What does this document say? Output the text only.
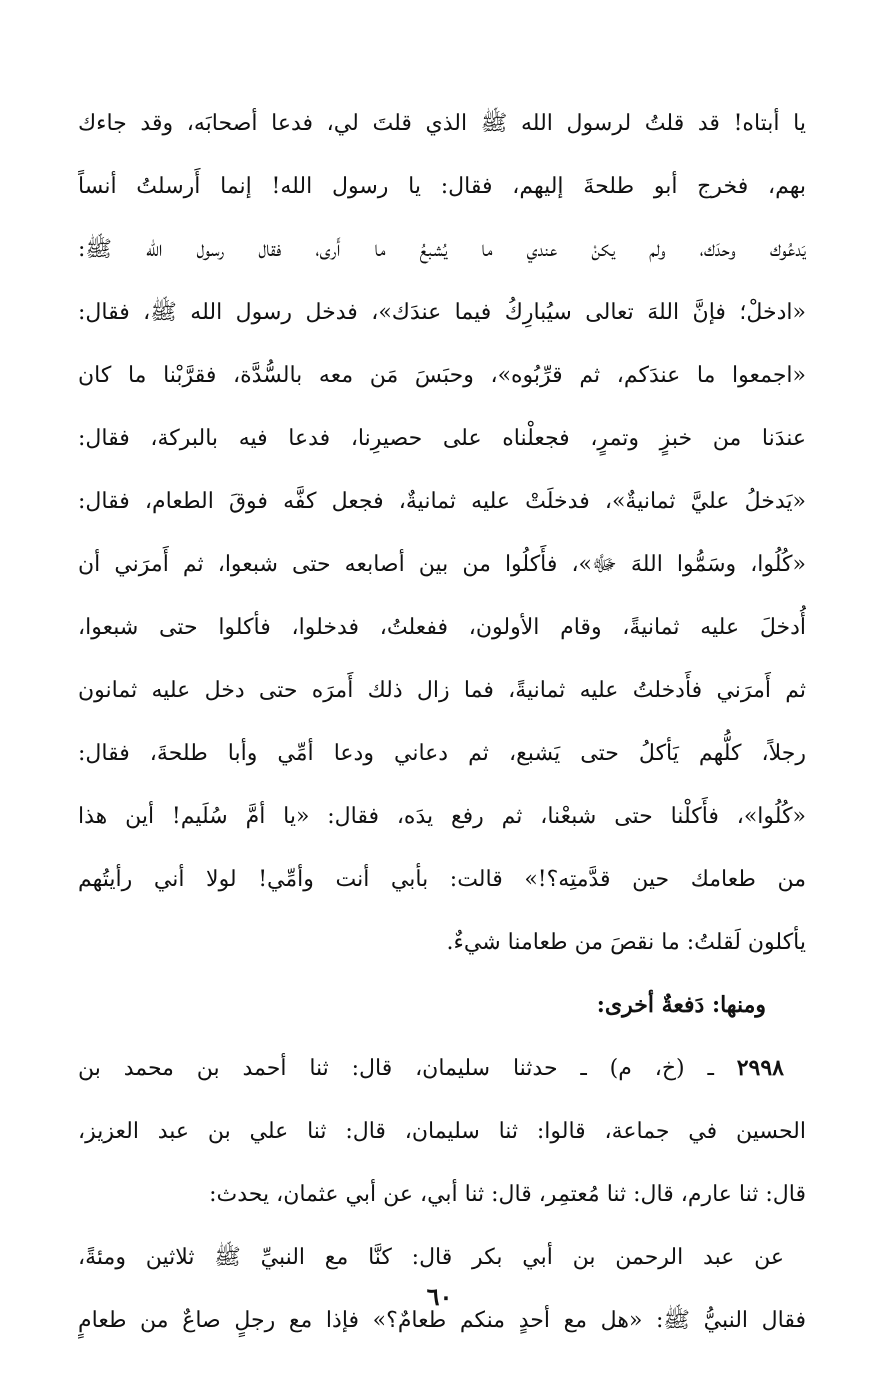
يا أبتاه! قد قلتُ لرسول الله ﷺ الذي قلتَ لي، فدعا أصحابَه، وقد جاءك
بهم، فخرج أبو طلحةَ إليهم، فقال: يا رسول الله! إنما أَرسلتُ أنساً
يَدعُوك وحدَك، ولم يكنْ عندي ما يُشبعُ ما أَرى، فقال رسول الله ﷺ:
«ادخلْ؛ فإنَّ اللهَ تعالى سيُبارِكُ فيما عندَك»، فدخل رسول الله ﷺ، فقال:
«اجمعوا ما عندَكم، ثم قرِّبُوه»، وحبَسَ مَن معه بالسُّدَّة، فقرَّبْنا ما كان
عندَنا من خبزٍ وتمرٍ، فجعلْناه على حصيرِنا، فدعا فيه بالبركة، فقال:
«يَدخلُ عليَّ ثمانيةٌ»، فدخلَتْ عليه ثمانيةٌ، فجعل كفَّه فوقَ الطعام، فقال:
«كُلُوا، وسَمُّوا اللهَ ﷻ»، فأَكلُوا من بين أصابعه حتى شبعوا، ثم أَمرَني أن
أُدخلَ عليه ثمانيةً، وقام الأولون، ففعلتُ، فدخلوا، فأكلوا حتى شبعوا،
ثم أَمرَني فأَدخلتُ عليه ثمانيةً، فما زال ذلك أَمرَه حتى دخل عليه ثمانون
رجلاً، كلُّهم يَأكلُ حتى يَشبع، ثم دعاني ودعا أمِّي وأبا طلحةَ، فقال:
«كُلُوا»، فأَكلْنا حتى شبعْنا، ثم رفع يدَه، فقال: «يا أمَّ سُلَيم! أين هذا
من طعامك حين قدَّمتِه؟!» قالت: بأبي أنت وأمِّي! لولا أني رأيتُهم
يأكلون لَقلتُ: ما نقصَ من طعامنا شيءٌ.
ومنها: دَفعةٌ أخرى:
٢٩٩٨ ـ (خ، م) ـ حدثنا سليمان، قال: ثنا أحمد بن محمد بن
الحسين في جماعة، قالوا: ثنا سليمان، قال: ثنا علي بن عبد العزيز،
قال: ثنا عارم، قال: ثنا مُعتمِر، قال: ثنا أبي، عن أبي عثمان، يحدث:
عن عبد الرحمن بن أبي بكر قال: كنَّا مع النبيِّ ﷺ ثلاثين ومئةً،
فقال النبيُّ ﷺ: «هل مع أحدٍ منكم طعامٌ؟» فإذا مع رجلٍ صاعٌ من طعامٍ
٦٠
